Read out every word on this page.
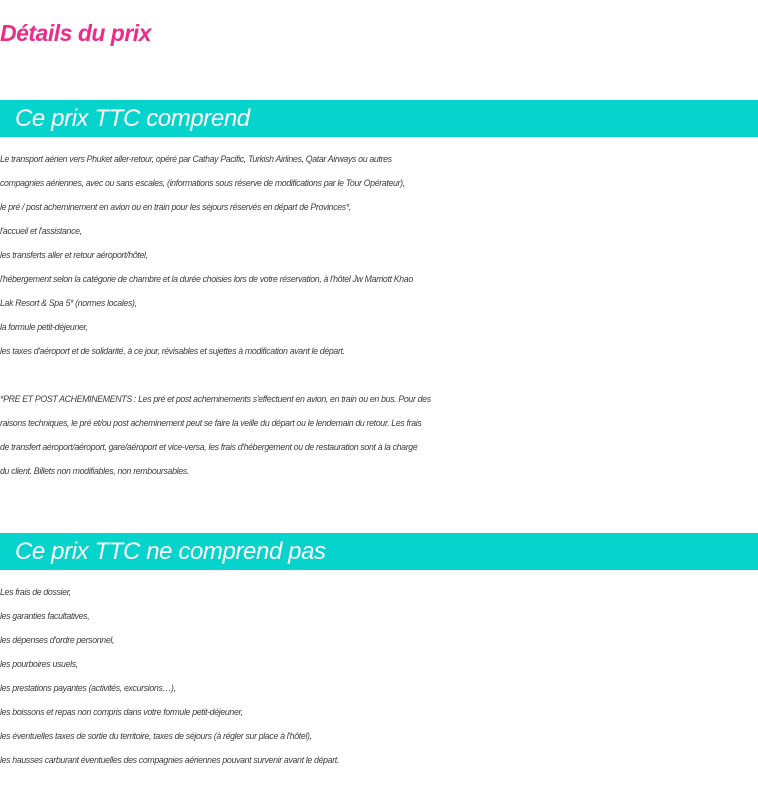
Détails du prix
Ce prix TTC comprend
Le transport aérien vers Phuket aller-retour, opéré par Cathay Pacific, Turkish Airlines, Qatar Airways ou autres
compagnies aériennes, avec ou sans escales, (informations sous réserve de modifications par le Tour Opérateur),
le pré / post acheminement en avion ou en train pour les séjours réservés en départ de Provinces*,
l'accueil et l'assistance,
les transferts aller et retour aéroport/hôtel,
l'hébergement selon la catégorie de chambre et la durée choisies lors de votre réservation, à l'hôtel Jw Marriott Khao
Lak Resort & Spa 5* (normes locales),
la formule petit-déjeuner,
les taxes d'aéroport et de solidarité, à ce jour, révisables et sujettes à modification avant le départ.
*PRE ET POST ACHEMINEMENTS : Les pré et post acheminements s'effectuent en avion, en train ou en bus. Pour des
raisons techniques, le pré et/ou post acheminement peut se faire la veille du départ ou le lendemain du retour. Les frais
de transfert aéroport/aéroport, gare/aéroport et vice-versa, les frais d'hébergement ou de restauration sont à la charge
du client. Billets non modifiables, non remboursables.
Ce prix TTC ne comprend pas
Les frais de dossier,
les garanties facultatives,
les dépenses d'ordre personnel,
les pourboires usuels,
les prestations payantes (activités, excursions…),
les boissons et repas non compris dans votre formule petit-déjeuner,
les éventuelles taxes de sortie du territoire, taxes de séjours (à régler sur place à l'hôtel),
les hausses carburant éventuelles des compagnies aériennes pouvant survenir avant le départ.
